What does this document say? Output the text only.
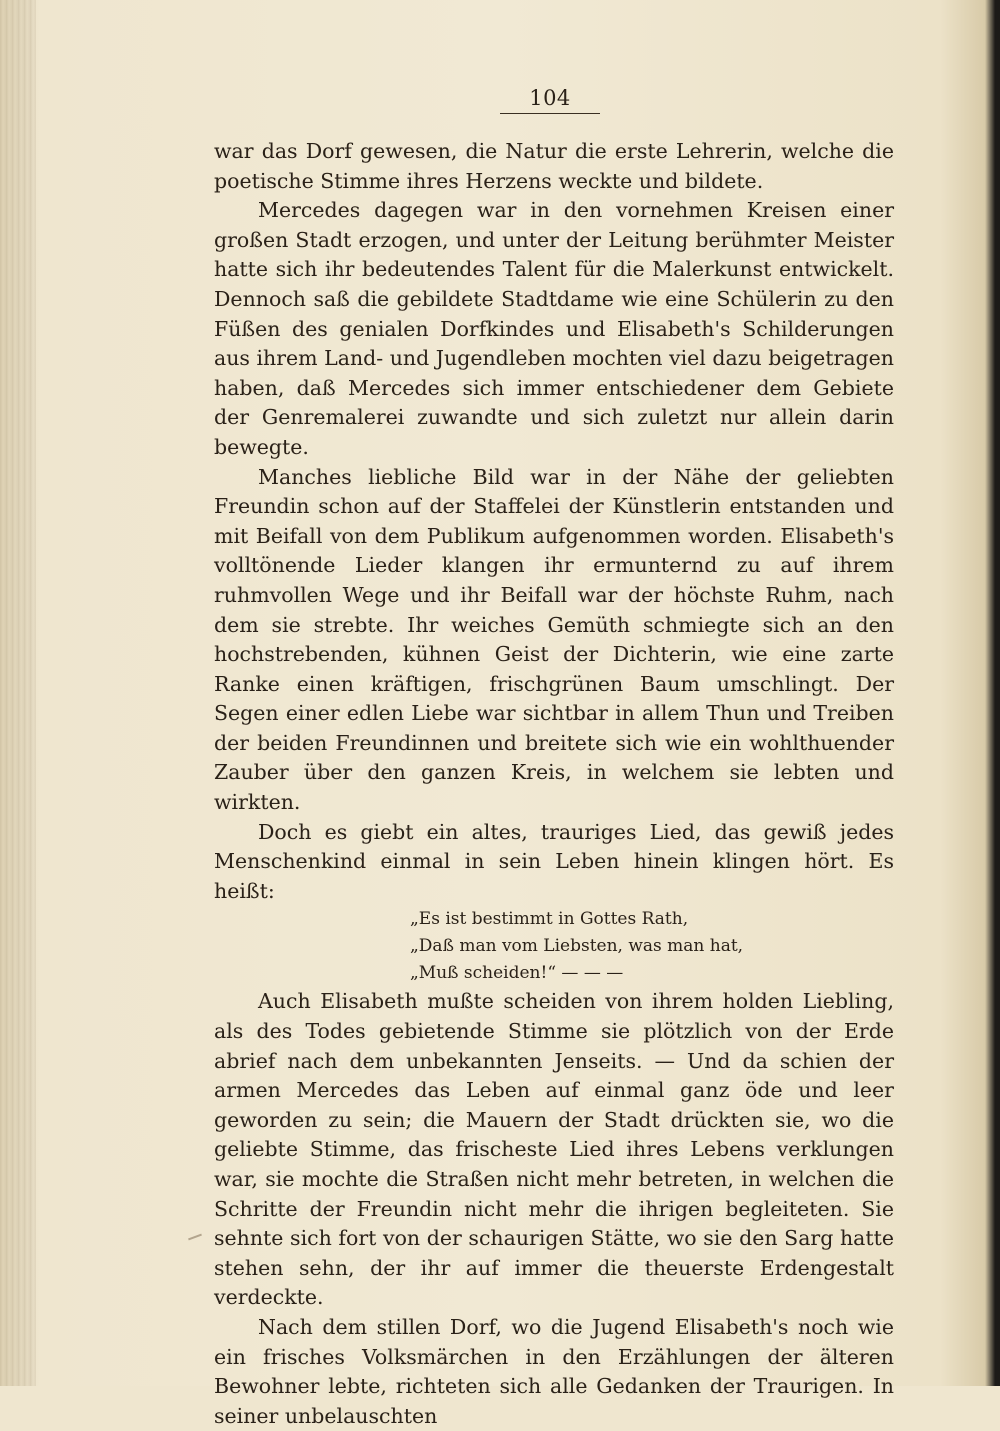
104

war das Dorf gewesen, die Natur die erste Lehrerin, welche die poetische Stimme ihres Herzens weckte und bildete.

Mercedes dagegen war in den vornehmen Kreisen einer großen Stadt erzogen, und unter der Leitung berühmter Meister hatte sich ihr bedeutendes Talent für die Malerkunst entwickelt. Dennoch saß die gebildete Stadtdame wie eine Schülerin zu den Füßen des genialen Dorfkindes und Elisabeth's Schilderungen aus ihrem Land- und Jugendleben mochten viel dazu beigetragen haben, daß Mercedes sich immer entschiedener dem Gebiete der Genremalerei zuwandte und sich zuletzt nur allein darin bewegte.

Manches liebliche Bild war in der Nähe der geliebten Freundin schon auf der Staffelei der Künstlerin entstanden und mit Beifall von dem Publikum aufgenommen worden. Elisabeth's volltönende Lieder klangen ihr ermunternd zu auf ihrem ruhmvollen Wege und ihr Beifall war der höchste Ruhm, nach dem sie strebte. Ihr weiches Gemüth schmiegte sich an den hochstrebenden, kühnen Geist der Dichterin, wie eine zarte Ranke einen kräftigen, frischgrünen Baum umschlingt. Der Segen einer edlen Liebe war sichtbar in allem Thun und Treiben der beiden Freundinnen und breitete sich wie ein wohlthuender Zauber über den ganzen Kreis, in welchem sie lebten und wirkten.

Doch es giebt ein altes, trauriges Lied, das gewiß jedes Menschenkind einmal in sein Leben hinein klingen hört. Es heißt:

„Es ist bestimmt in Gottes Rath,

„Daß man vom Liebsten, was man hat,

„Muß scheiden!“ — — —

Auch Elisabeth mußte scheiden von ihrem holden Liebling, als des Todes gebietende Stimme sie plötzlich von der Erde abrief nach dem unbekannten Jenseits. — Und da schien der armen Mercedes das Leben auf einmal ganz öde und leer geworden zu sein; die Mauern der Stadt drückten sie, wo die geliebte Stimme, das frischeste Lied ihres Lebens verklungen war, sie mochte die Straßen nicht mehr betreten, in welchen die Schritte der Freundin nicht mehr die ihrigen begleiteten. Sie sehnte sich fort von der schaurigen Stätte, wo sie den Sarg hatte stehen sehn, der ihr auf immer die theuerste Erdengestalt verdeckte.

Nach dem stillen Dorf, wo die Jugend Elisabeth's noch wie ein frisches Volksmärchen in den Erzählungen der älteren Bewohner lebte, richteten sich alle Gedanken der Traurigen. In seiner unbelauschten
